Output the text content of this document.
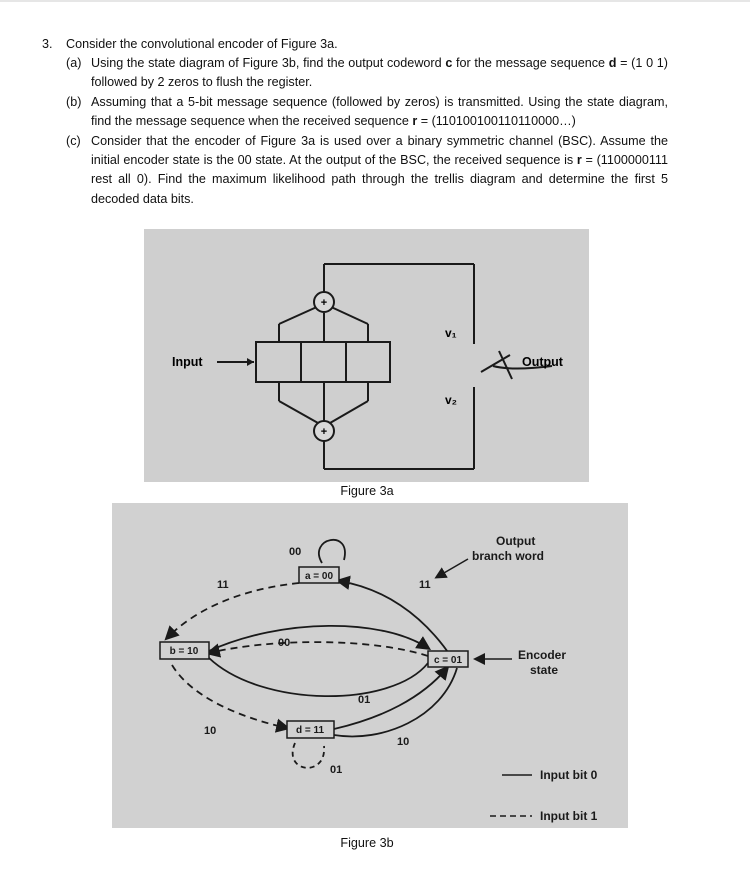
3.	Consider the convolutional encoder of Figure 3a.
(a) Using the state diagram of Figure 3b, find the output codeword c for the message sequence d = (1 0 1) followed by 2 zeros to flush the register.
(b) Assuming that a 5-bit message sequence (followed by zeros) is transmitted. Using the state diagram, find the message sequence when the received sequence r = (110100100110110000…)
(c) Consider that the encoder of Figure 3a is used over a binary symmetric channel (BSC). Assume the initial encoder state is the 00 state. At the output of the BSC, the received sequence is r = (1100000111 rest all 0). Find the maximum likelihood path through the trellis diagram and determine the first 5 decoded data bits.
+
+
Input	Output
v₁
v₂
Figure 3a
a = 00
b = 10
c = 01
d = 11
00
11	11
00
01
10
10
01
Output branch word
Encoder state
Input bit 0
Input bit 1
Figure 3b
